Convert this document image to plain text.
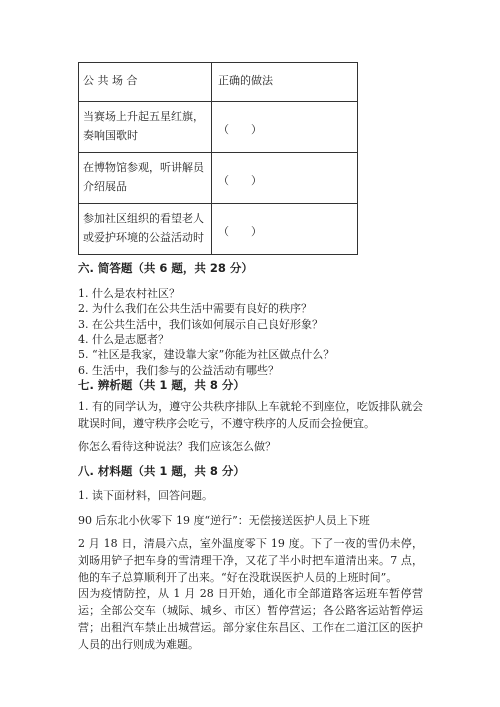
公 共 场 合	正确的做法
当赛场上升起五星红旗，奏响国歌时	（　　）
在博物馆参观，听讲解员介绍展品	（　　）
参加社区组织的看望老人或爱护环境的公益活动时	（　　）
六. 简答题（共 6 题，共 28 分）
1. 什么是农村社区？
2. 为什么我们在公共生活中需要有良好的秩序？
3. 在公共生活中，我们该如何展示自己良好形象？
4. 什么是志愿者？
5. “社区是我家，建设靠大家”你能为社区做点什么？
6. 生活中，我们参与的公益活动有哪些？
七. 辨析题（共 1 题，共 8 分）
1. 有的同学认为，遵守公共秩序排队上车就轮不到座位，吃饭排队就会耽误时间，遵守秩序会吃亏，不遵守秩序的人反而会捡便宜。
你怎么看待这种说法？我们应该怎么做？
八. 材料题（共 1 题，共 8 分）
1. 读下面材料，回答问题。
90 后东北小伙零下 19 度“逆行”：无偿接送医护人员上下班
2 月 18 日，清晨六点，室外温度零下 19 度。下了一夜的雪仍未停，刘旸用铲子把车身的雪清理干净，又花了半小时把车道清出来。7 点，他的车子总算顺利开了出来。“好在没耽误医护人员的上班时间”。
因为疫情防控，从 1 月 28 日开始，通化市全部道路客运班车暂停营运；全部公交车（城际、城乡、市区）暂停营运；各公路客运站暂停运营；出租汽车禁止出城营运。部分家住东昌区、工作在二道江区的医护人员的出行则成为难题。
